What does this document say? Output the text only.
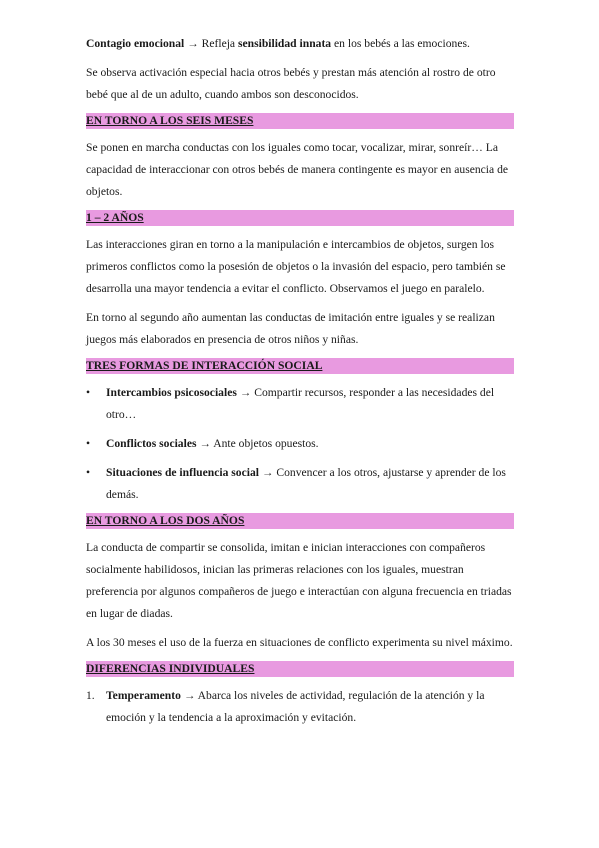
Contagio emocional → Refleja sensibilidad innata en los bebés a las emociones.

Se observa activación especial hacia otros bebés y prestan más atención al rostro de otro bebé que al de un adulto, cuando ambos son desconocidos.

EN TORNO A LOS SEIS MESES

Se ponen en marcha conductas con los iguales como tocar, vocalizar, mirar, sonreír… La capacidad de interaccionar con otros bebés de manera contingente es mayor en ausencia de objetos.

1 – 2 AÑOS

Las interacciones giran en torno a la manipulación e intercambios de objetos, surgen los primeros conflictos como la posesión de objetos o la invasión del espacio, pero también se desarrolla una mayor tendencia a evitar el conflicto. Observamos el juego en paralelo.

En torno al segundo año aumentan las conductas de imitación entre iguales y se realizan juegos más elaborados en presencia de otros niños y niñas.

TRES FORMAS DE INTERACCIÓN SOCIAL
•	Intercambios psicosociales → Compartir recursos, responder a las necesidades del otro…

•	Conflictos sociales → Ante objetos opuestos.

•	Situaciones de influencia social → Convencer a los otros, ajustarse y aprender de los demás.

EN TORNO A LOS DOS AÑOS

La conducta de compartir se consolida, imitan e inician interacciones con compañeros socialmente habilidosos, inician las primeras relaciones con los iguales, muestran preferencia por algunos compañeros de juego e interactúan con alguna frecuencia en triadas en lugar de diadas.

A los 30 meses el uso de la fuerza en situaciones de conflicto experimenta su nivel máximo.

DIFERENCIAS INDIVIDUALES
1. Temperamento → Abarca los niveles de actividad, regulación de la atención y la emoción y la tendencia a la aproximación y evitación.
